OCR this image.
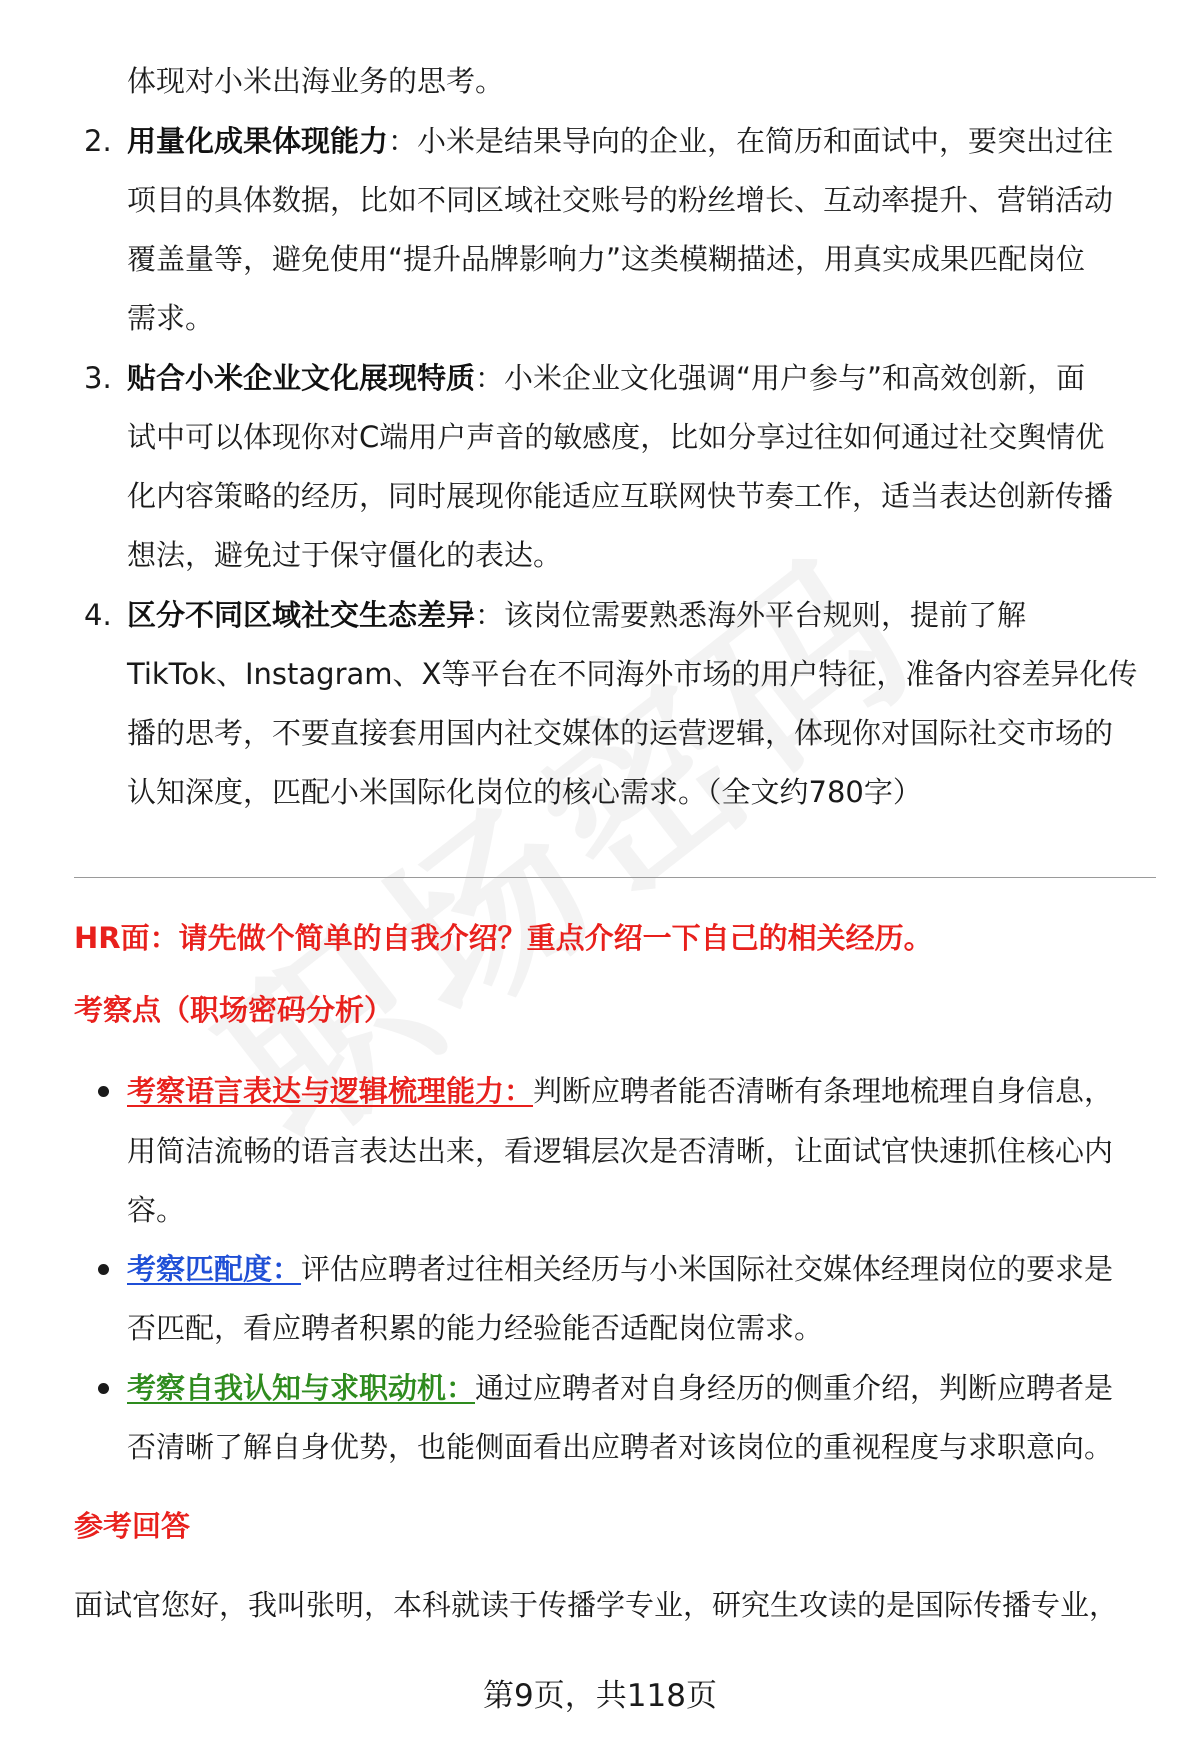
体现对小米出海业务的思考。
2. 用量化成果体现能力：小米是结果导向的企业，在简历和面试中，要突出过往
项目的具体数据，比如不同区域社交账号的粉丝增长、互动率提升、营销活动
覆盖量等，避免使用“提升品牌影响力”这类模糊描述，用真实成果匹配岗位
需求。
3. 贴合小米企业文化展现特质：小米企业文化强调“用户参与”和高效创新，面
试中可以体现你对C端用户声音的敏感度，比如分享过往如何通过社交舆情优
化内容策略的经历，同时展现你能适应互联网快节奏工作，适当表达创新传播
想法，避免过于保守僵化的表达。
4. 区分不同区域社交生态差异：该岗位需要熟悉海外平台规则，提前了解
TikTok、Instagram、X等平台在不同海外市场的用户特征，准备内容差异化传
播的思考，不要直接套用国内社交媒体的运营逻辑，体现你对国际社交市场的
认知深度，匹配小米国际化岗位的核心需求。（全文约780字）
HR面：请先做个简单的自我介绍？重点介绍一下自己的相关经历。
考察点（职场密码分析）
考察语言表达与逻辑梳理能力：判断应聘者能否清晰有条理地梳理自身信息，
用简洁流畅的语言表达出来，看逻辑层次是否清晰，让面试官快速抓住核心内
容。
考察匹配度：评估应聘者过往相关经历与小米国际社交媒体经理岗位的要求是
否匹配，看应聘者积累的能力经验能否适配岗位需求。
考察自我认知与求职动机：通过应聘者对自身经历的侧重介绍，判断应聘者是
否清晰了解自身优势，也能侧面看出应聘者对该岗位的重视程度与求职意向。
参考回答
面试官您好，我叫张明，本科就读于传播学专业，研究生攻读的是国际传播专业，
第9页，共118页
